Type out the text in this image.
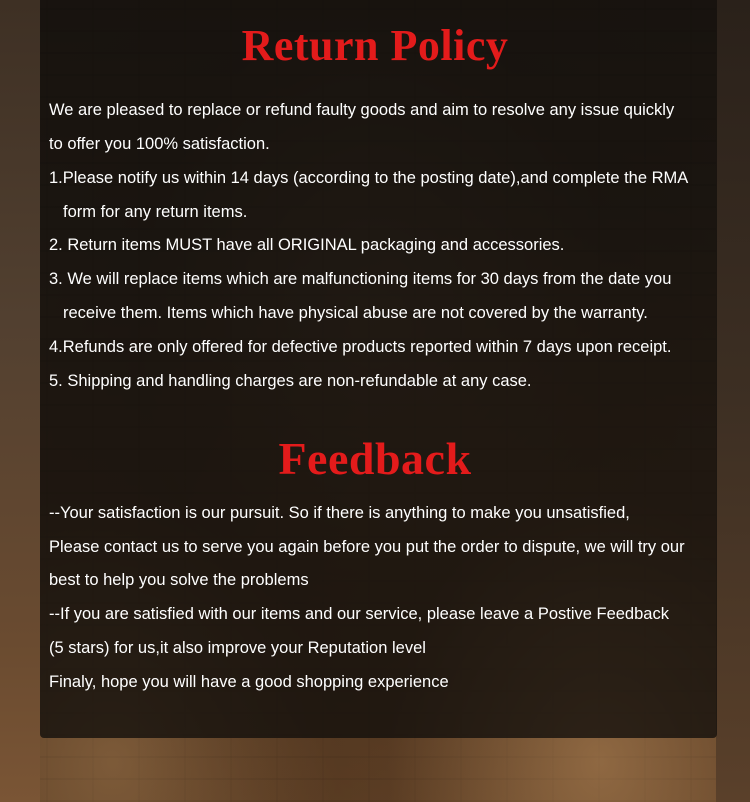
Return Policy

We are pleased to replace or refund faulty goods and aim to resolve any issue quickly

to offer you 100% satisfaction.

1.Please notify us within 14 days (according to the posting date),and complete the RMA

form for any return items.

2. Return items MUST have all ORIGINAL packaging and accessories.

3. We will replace items which are malfunctioning items for 30 days from the date you

receive them. Items which have physical abuse are not covered by the warranty.

4.Refunds are only offered for defective products reported within 7 days upon receipt.

5. Shipping and handling charges are non-refundable at any case.

Feedback

--Your satisfaction is our pursuit. So if there is anything to make you unsatisfied,

Please contact us to serve you again before you put the order to dispute, we will try our

best to help you solve the problems

--If you are satisfied with our items and our service, please leave a Postive Feedback

(5 stars) for us,it also improve your Reputation level

Finaly, hope you will have a good shopping experience
